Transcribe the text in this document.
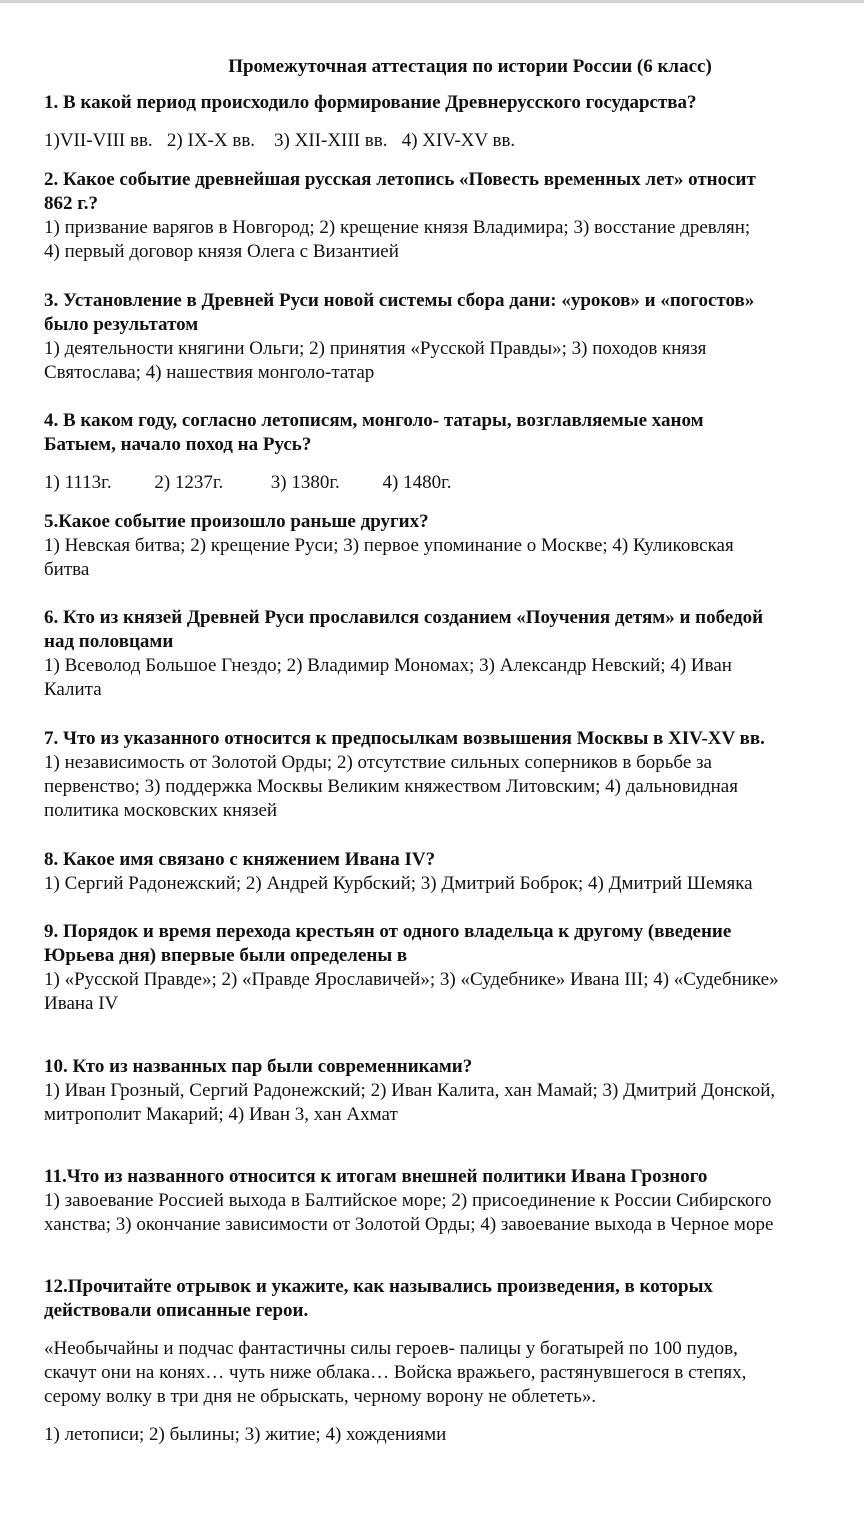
Промежуточная аттестация по истории России (6 класс)
1. В какой период происходило формирование Древнерусского государства?
1)VII-VIII вв.   2) IX-X вв.    3) XII-XIII вв.   4) XIV-XV вв.
2. Какое событие древнейшая русская летопись «Повесть временных лет» относит
862 г.?
1) призвание варягов в Новгород; 2) крещение князя Владимира; 3) восстание древлян;
4) первый договор князя Олега с Византией
3. Установление в Древней Руси новой системы сбора дани: «уроков» и «погостов»
было результатом
1) деятельности княгини Ольги; 2) принятия «Русской Правды»; 3) походов князя
Святослава; 4) нашествия монголо-татар
4. В каком году, согласно летописям, монголо- татары, возглавляемые ханом
Батыем, начало поход на Русь?
1) 1113г.         2) 1237г.          3) 1380г.         4) 1480г.
5.Какое событие произошло раньше других?
1) Невская битва; 2) крещение Руси; 3) первое упоминание о Москве; 4) Куликовская
битва
6. Кто из князей Древней Руси прославился созданием «Поучения детям» и победой
над половцами
1) Всеволод Большое Гнездо; 2) Владимир Мономах; 3) Александр Невский; 4) Иван
Калита
7. Что из указанного относится к предпосылкам возвышения Москвы в XIV-XV вв.
1) независимость от Золотой Орды; 2) отсутствие сильных соперников в борьбе за
первенство; 3) поддержка Москвы Великим княжеством Литовским; 4) дальновидная
политика московских князей
8. Какое имя связано с княжением Ивана IV?
1) Сергий Радонежский; 2) Андрей Курбский; 3) Дмитрий Боброк; 4) Дмитрий Шемяка
9. Порядок и время перехода крестьян от одного владельца к другому (введение
Юрьева дня) впервые были определены в
1) «Русской Правде»; 2) «Правде Ярославичей»; 3) «Судебнике» Ивана III; 4) «Судебнике»
Ивана IV
10. Кто из названных пар были современниками?
1) Иван Грозный, Сергий Радонежский; 2) Иван Калита, хан Мамай; 3) Дмитрий Донской,
митрополит Макарий; 4) Иван 3, хан Ахмат
11.Что из названного относится к итогам внешней политики Ивана Грозного
1) завоевание Россией выхода в Балтийское море; 2) присоединение к России Сибирского
ханства; 3) окончание зависимости от Золотой Орды; 4) завоевание выхода в Черное море
12.Прочитайте отрывок и укажите, как назывались произведения, в которых
действовали описанные герои.
«Необычайны и подчас фантастичны силы героев- палицы у богатырей по 100 пудов,
скачут они на конях… чуть ниже облака… Войска вражьего, растянувшегося в степях,
серому волку в три дня не обрыскать, черному ворону не облететь».
1) летописи; 2) былины; 3) житие; 4) хождениями
